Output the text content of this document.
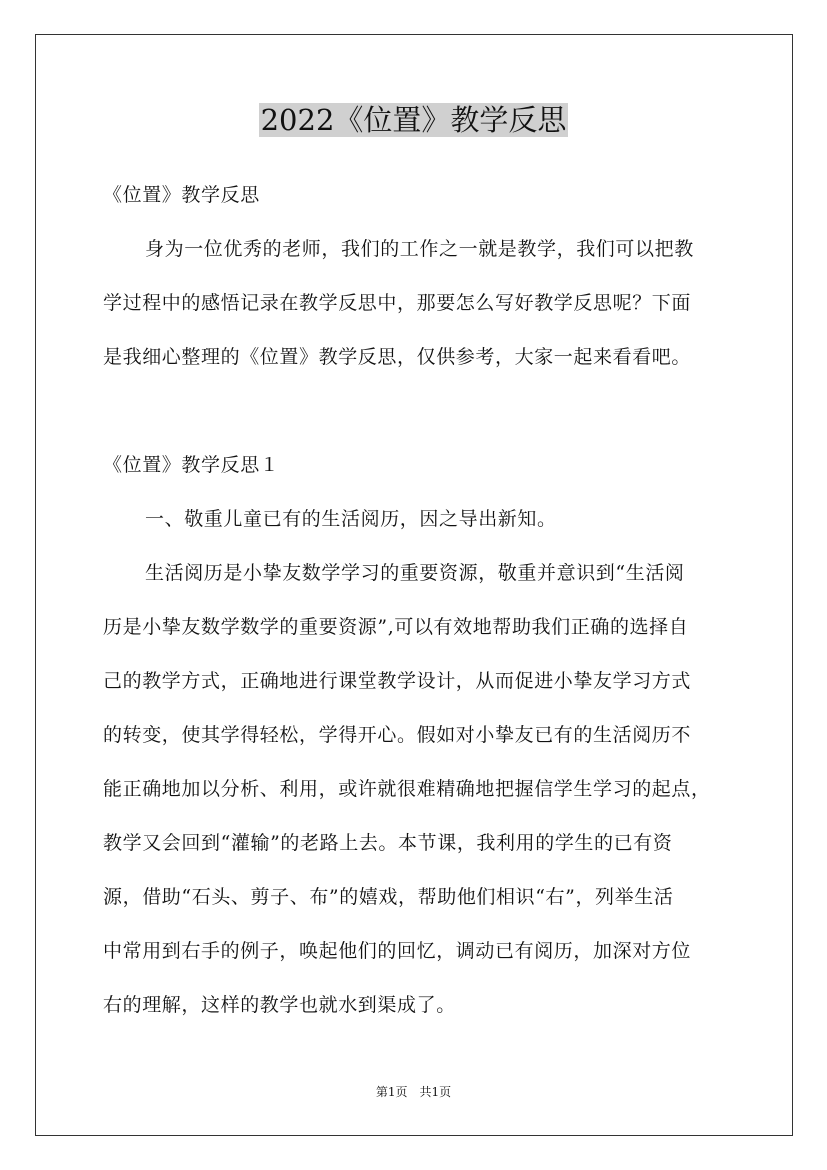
2022《位置》教学反思
《位置》教学反思
身为一位优秀的老师，我们的工作之一就是教学，我们可以把教
学过程中的感悟记录在教学反思中，那要怎么写好教学反思呢？下面
是我细心整理的《位置》教学反思，仅供参考，大家一起来看看吧。
《位置》教学反思１
一、敬重儿童已有的生活阅历，因之导出新知。
生活阅历是小挚友数学学习的重要资源，敬重并意识到“生活阅
历是小挚友数学数学的重要资源”,可以有效地帮助我们正确的选择自
己的教学方式，正确地进行课堂教学设计，从而促进小挚友学习方式
的转变，使其学得轻松，学得开心。假如对小挚友已有的生活阅历不
能正确地加以分析、利用，或许就很难精确地把握信学生学习的起点，
教学又会回到“灌输”的老路上去。本节课，我利用的学生的已有资
源，借助“石头、剪子、布”的嬉戏，帮助他们相识“右”，列举生活
中常用到右手的例子，唤起他们的回忆，调动已有阅历，加深对方位
右的理解，这样的教学也就水到渠成了。
第1页　共1页
